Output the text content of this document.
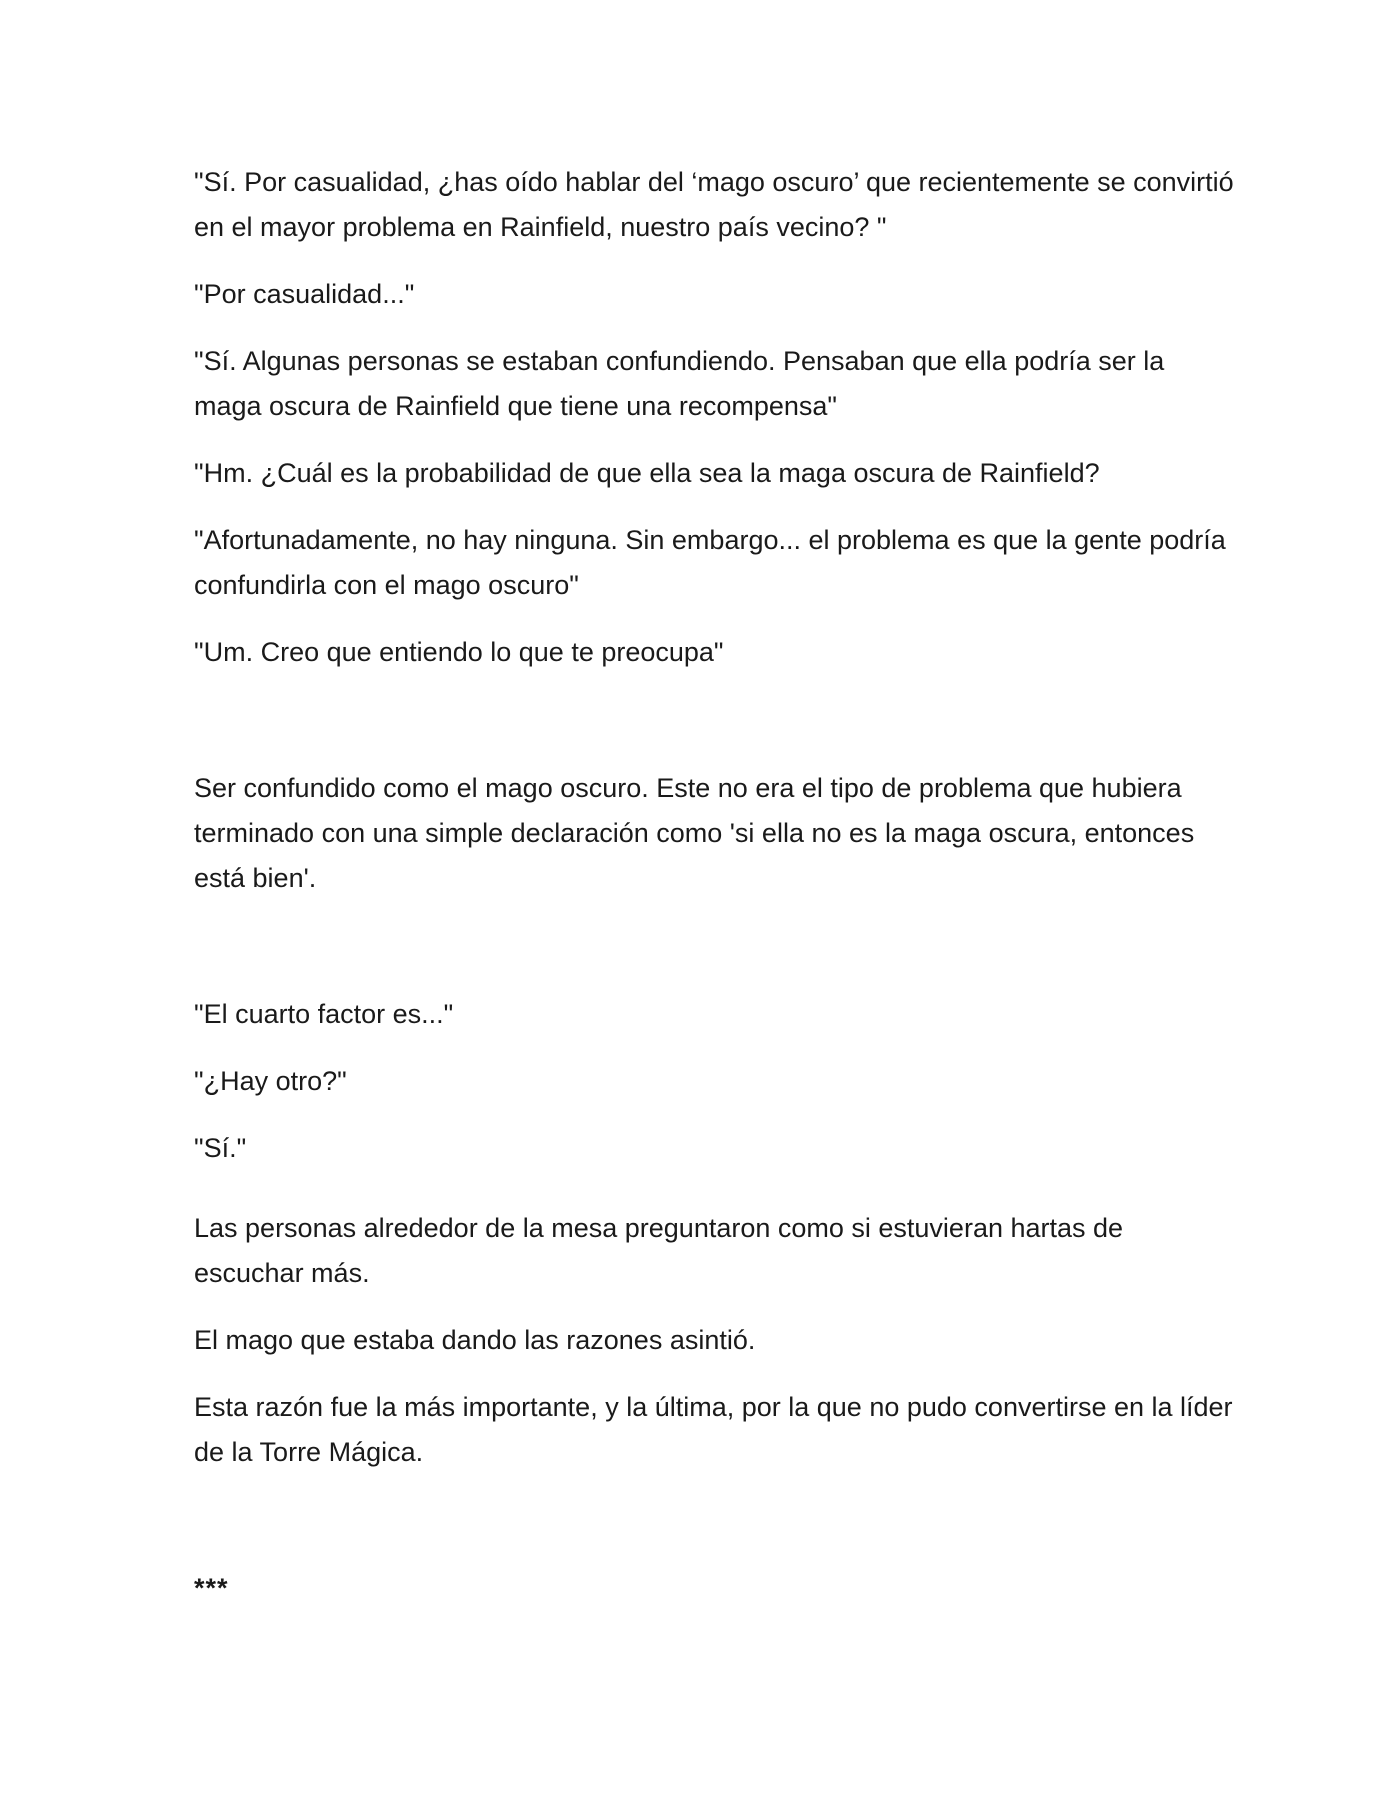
"Sí. Por casualidad, ¿has oído hablar del ‘mago oscuro’ que recientemente se convirtió en el mayor problema en Rainfield, nuestro país vecino? "

"Por casualidad..."

"Sí. Algunas personas se estaban confundiendo. Pensaban que ella podría ser la maga oscura de Rainfield que tiene una recompensa"

"Hm. ¿Cuál es la probabilidad de que ella sea la maga oscura de Rainfield?

"Afortunadamente, no hay ninguna. Sin embargo... el problema es que la gente podría confundirla con el mago oscuro"

"Um. Creo que entiendo lo que te preocupa"

Ser confundido como el mago oscuro. Este no era el tipo de problema que hubiera terminado con una simple declaración como 'si ella no es la maga oscura, entonces está bien'.

"El cuarto factor es..."

"¿Hay otro?"

"Sí."

Las personas alrededor de la mesa preguntaron como si estuvieran hartas de escuchar más.

El mago que estaba dando las razones asintió.

Esta razón fue la más importante, y la última, por la que no pudo convertirse en la líder de la Torre Mágica.

***
